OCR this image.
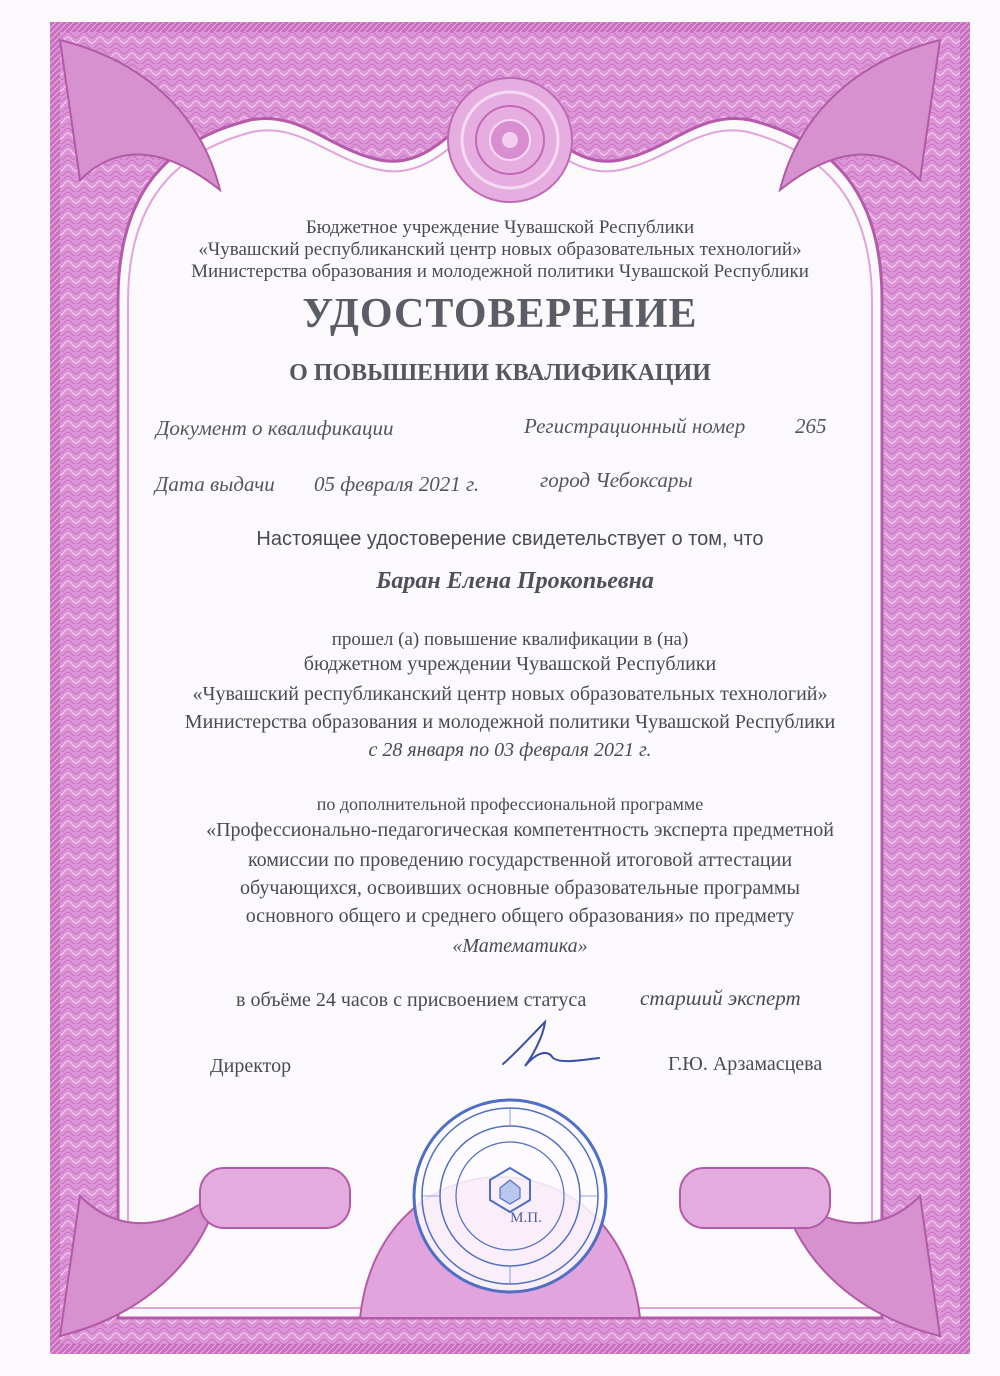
Бюджетное учреждение Чувашской Республики
«Чувашский республиканский центр новых образовательных технологий»
Министерства образования и молодежной политики Чувашской Республики
УДОСТОВЕРЕНИЕ
О ПОВЫШЕНИИ КВАЛИФИКАЦИИ
Документ о квалификации	Регистрационный номер 265
Дата выдачи 05 февраля 2021 г.	город Чебоксары
Настоящее удостоверение свидетельствует о том, что
Баран Елена Прокопьевна
прошел (а) повышение квалификации в (на)
бюджетном учреждении Чувашской Республики
«Чувашский республиканский центр новых образовательных технологий»
Министерства образования и молодежной политики Чувашской Республики
с 28 января по 03 февраля 2021 г.
по дополнительной профессиональной программе
«Профессионально-педагогическая компетентность эксперта предметной
комиссии по проведению государственной итоговой аттестации
обучающихся, освоивших основные образовательные программы
основного общего и среднего общего образования» по предмету
«Математика»
в объёме 24 часов с присвоением статуса	старший эксперт
Директор	Г.Ю. Арзамасцева
М.П.
